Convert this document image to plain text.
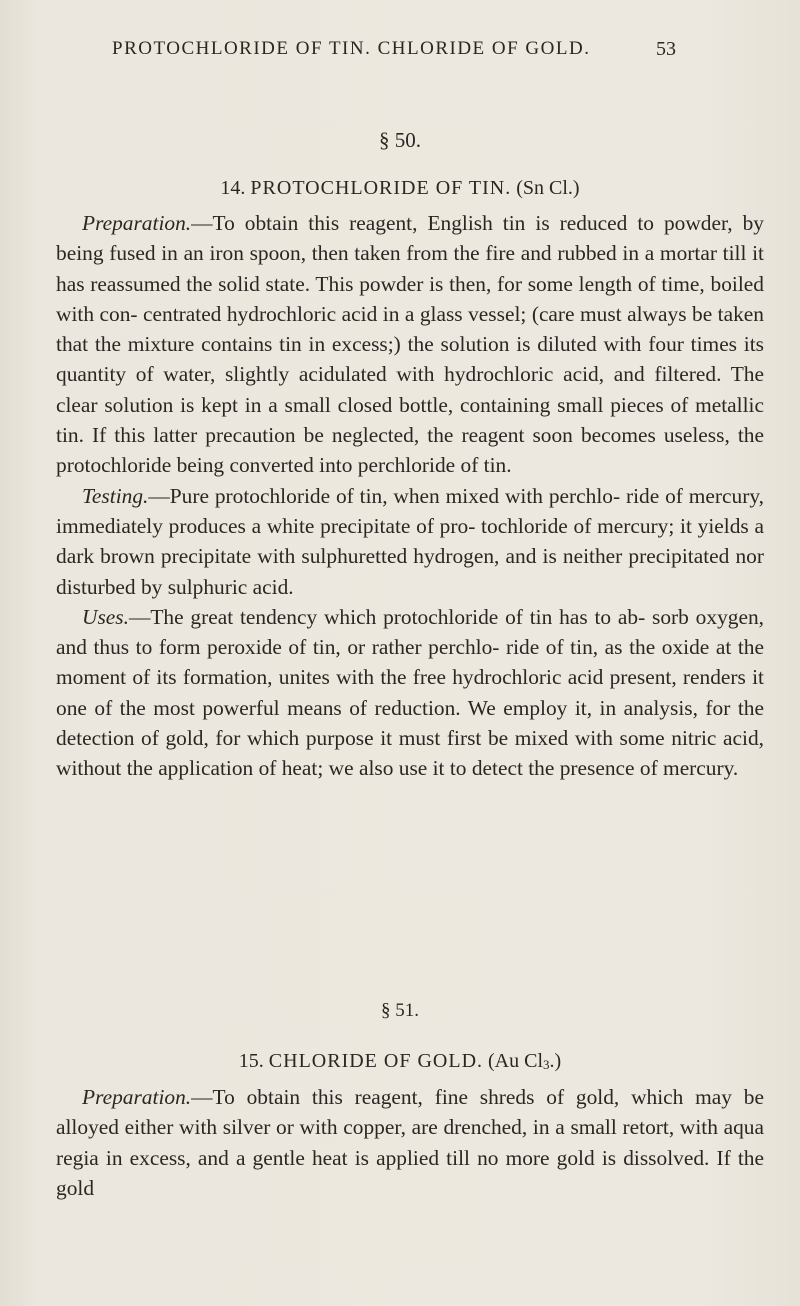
PROTOCHLORIDE OF TIN. CHLORIDE OF GOLD.	53
§ 50.
14. PROTOCHLORIDE OF TIN. (Sn Cl.)

Preparation.—To obtain this reagent, English tin is reduced to powder, by being fused in an iron spoon, then taken from the fire and rubbed in a mortar till it has reassumed the solid state. This powder is then, for some length of time, boiled with con- centrated hydrochloric acid in a glass vessel; (care must always be taken that the mixture contains tin in excess;) the solution is diluted with four times its quantity of water, slightly acidulated with hydrochloric acid, and filtered. The clear solution is kept in a small closed bottle, containing small pieces of metallic tin. If this latter precaution be neglected, the reagent soon becomes useless, the protochloride being converted into perchloride of tin.

Testing.—Pure protochloride of tin, when mixed with perchlo- ride of mercury, immediately produces a white precipitate of pro- tochloride of mercury; it yields a dark brown precipitate with sulphuretted hydrogen, and is neither precipitated nor disturbed by sulphuric acid.

Uses.—The great tendency which protochloride of tin has to ab- sorb oxygen, and thus to form peroxide of tin, or rather perchlo- ride of tin, as the oxide at the moment of its formation, unites with the free hydrochloric acid present, renders it one of the most powerful means of reduction. We employ it, in analysis, for the detection of gold, for which purpose it must first be mixed with some nitric acid, without the application of heat; we also use it to detect the presence of mercury.

§ 51.
15. CHLORIDE OF GOLD. (Au $Cl_3$.)

Preparation.—To obtain this reagent, fine shreds of gold, which may be alloyed either with silver or with copper, are drenched, in a small retort, with aqua regia in excess, and a gentle heat is applied till no more gold is dissolved. If the gold
